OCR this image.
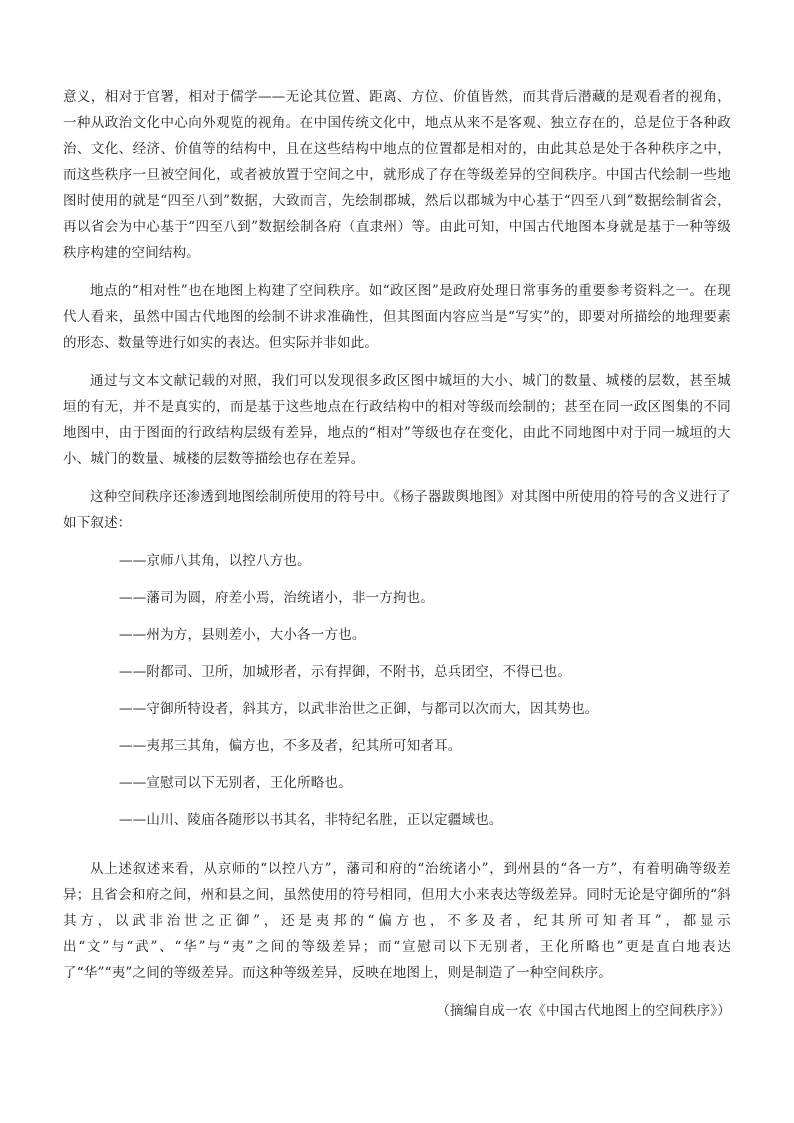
意义，相对于官署，相对于儒学——无论其位置、距离、方位、价值皆然，而其背后潜藏的是观看者的视角，一种从政治文化中心向外观览的视角。在中国传统文化中，地点从来不是客观、独立存在的，总是位于各种政治、文化、经济、价值等的结构中，且在这些结构中地点的位置都是相对的，由此其总是处于各种秩序之中，而这些秩序一旦被空间化，或者被放置于空间之中，就形成了存在等级差异的空间秩序。中国古代绘制一些地图时使用的就是“四至八到”数据，大致而言，先绘制郡城，然后以郡城为中心基于“四至八到”数据绘制省会，再以省会为中心基于“四至八到”数据绘制各府（直隶州）等。由此可知，中国古代地图本身就是基于一种等级秩序构建的空间结构。

地点的“相对性”也在地图上构建了空间秩序。如“政区图”是政府处理日常事务的重要参考资料之一。在现代人看来，虽然中国古代地图的绘制不讲求准确性，但其图面内容应当是“写实”的，即要对所描绘的地理要素的形态、数量等进行如实的表达。但实际并非如此。

通过与文本文献记载的对照，我们可以发现很多政区图中城垣的大小、城门的数量、城楼的层数，甚至城垣的有无，并不是真实的，而是基于这些地点在行政结构中的相对等级而绘制的；甚至在同一政区图集的不同地图中，由于图面的行政结构层级有差异，地点的“相对”等级也存在变化，由此不同地图中对于同一城垣的大小、城门的数量、城楼的层数等描绘也存在差异。

这种空间秩序还渗透到地图绘制所使用的符号中。《杨子器跋舆地图》对其图中所使用的符号的含义进行了如下叙述：

——京师八其角，以控八方也。
——藩司为圆，府差小焉，治统诸小，非一方拘也。
——州为方，县则差小，大小各一方也。
——附都司、卫所，加城形者，示有捍御，不附书，总兵团空，不得已也。
——守御所特设者，斜其方，以武非治世之正御，与都司以次而大，因其势也。
——夷邦三其角，偏方也，不多及者，纪其所可知者耳。
——宣慰司以下无别者，王化所略也。
——山川、陵庙各随形以书其名，非特纪名胜，正以定疆域也。

从上述叙述来看，从京师的“以控八方”，藩司和府的“治统诸小”，到州县的“各一方”，有着明确等级差异；且省会和府之间，州和县之间，虽然使用的符号相同，但用大小来表达等级差异。同时无论是守御所的“斜其方，以武非治世之正御”，还是夷邦的“偏方也，不多及者，纪其所可知者耳”，都显示出“文”与“武”、“华”与“夷”之间的等级差异；而“宣慰司以下无别者，王化所略也”更是直白地表达了“华”“夷”之间的等级差异。而这种等级差异，反映在地图上，则是制造了一种空间秩序。

（摘编自成一农《中国古代地图上的空间秩序》）
